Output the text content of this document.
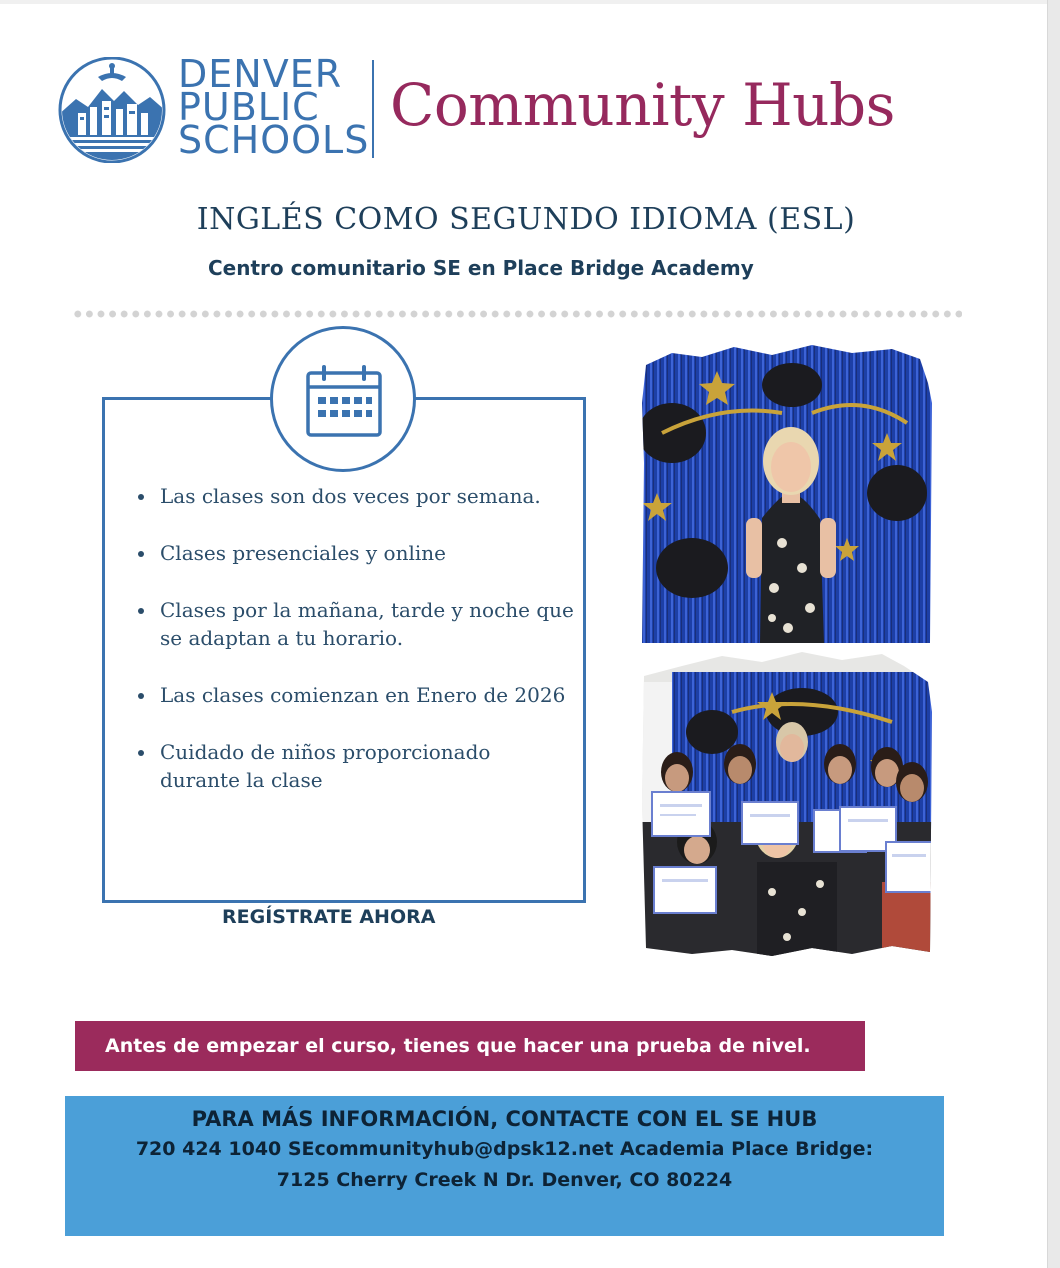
DENVER
PUBLIC
SCHOOLS
Community Hubs
INGLÉS COMO SEGUNDO IDIOMA (ESL)
Centro comunitario SE en Place Bridge Academy
Las clases son dos veces por semana.
Clases presenciales y online
Clases por la mañana, tarde y noche que se adaptan a tu horario.
Las clases comienzan en Enero de 2026
Cuidado de niños proporcionado durante la clase
REGÍSTRATE AHORA
Antes de empezar el curso, tienes que hacer una prueba de nivel.
PARA MÁS INFORMACIÓN, CONTACTE CON EL SE HUB
720 424 1040 SEcommunityhub@dpsk12.net Academia Place Bridge:
7125 Cherry Creek N Dr. Denver, CO 80224
